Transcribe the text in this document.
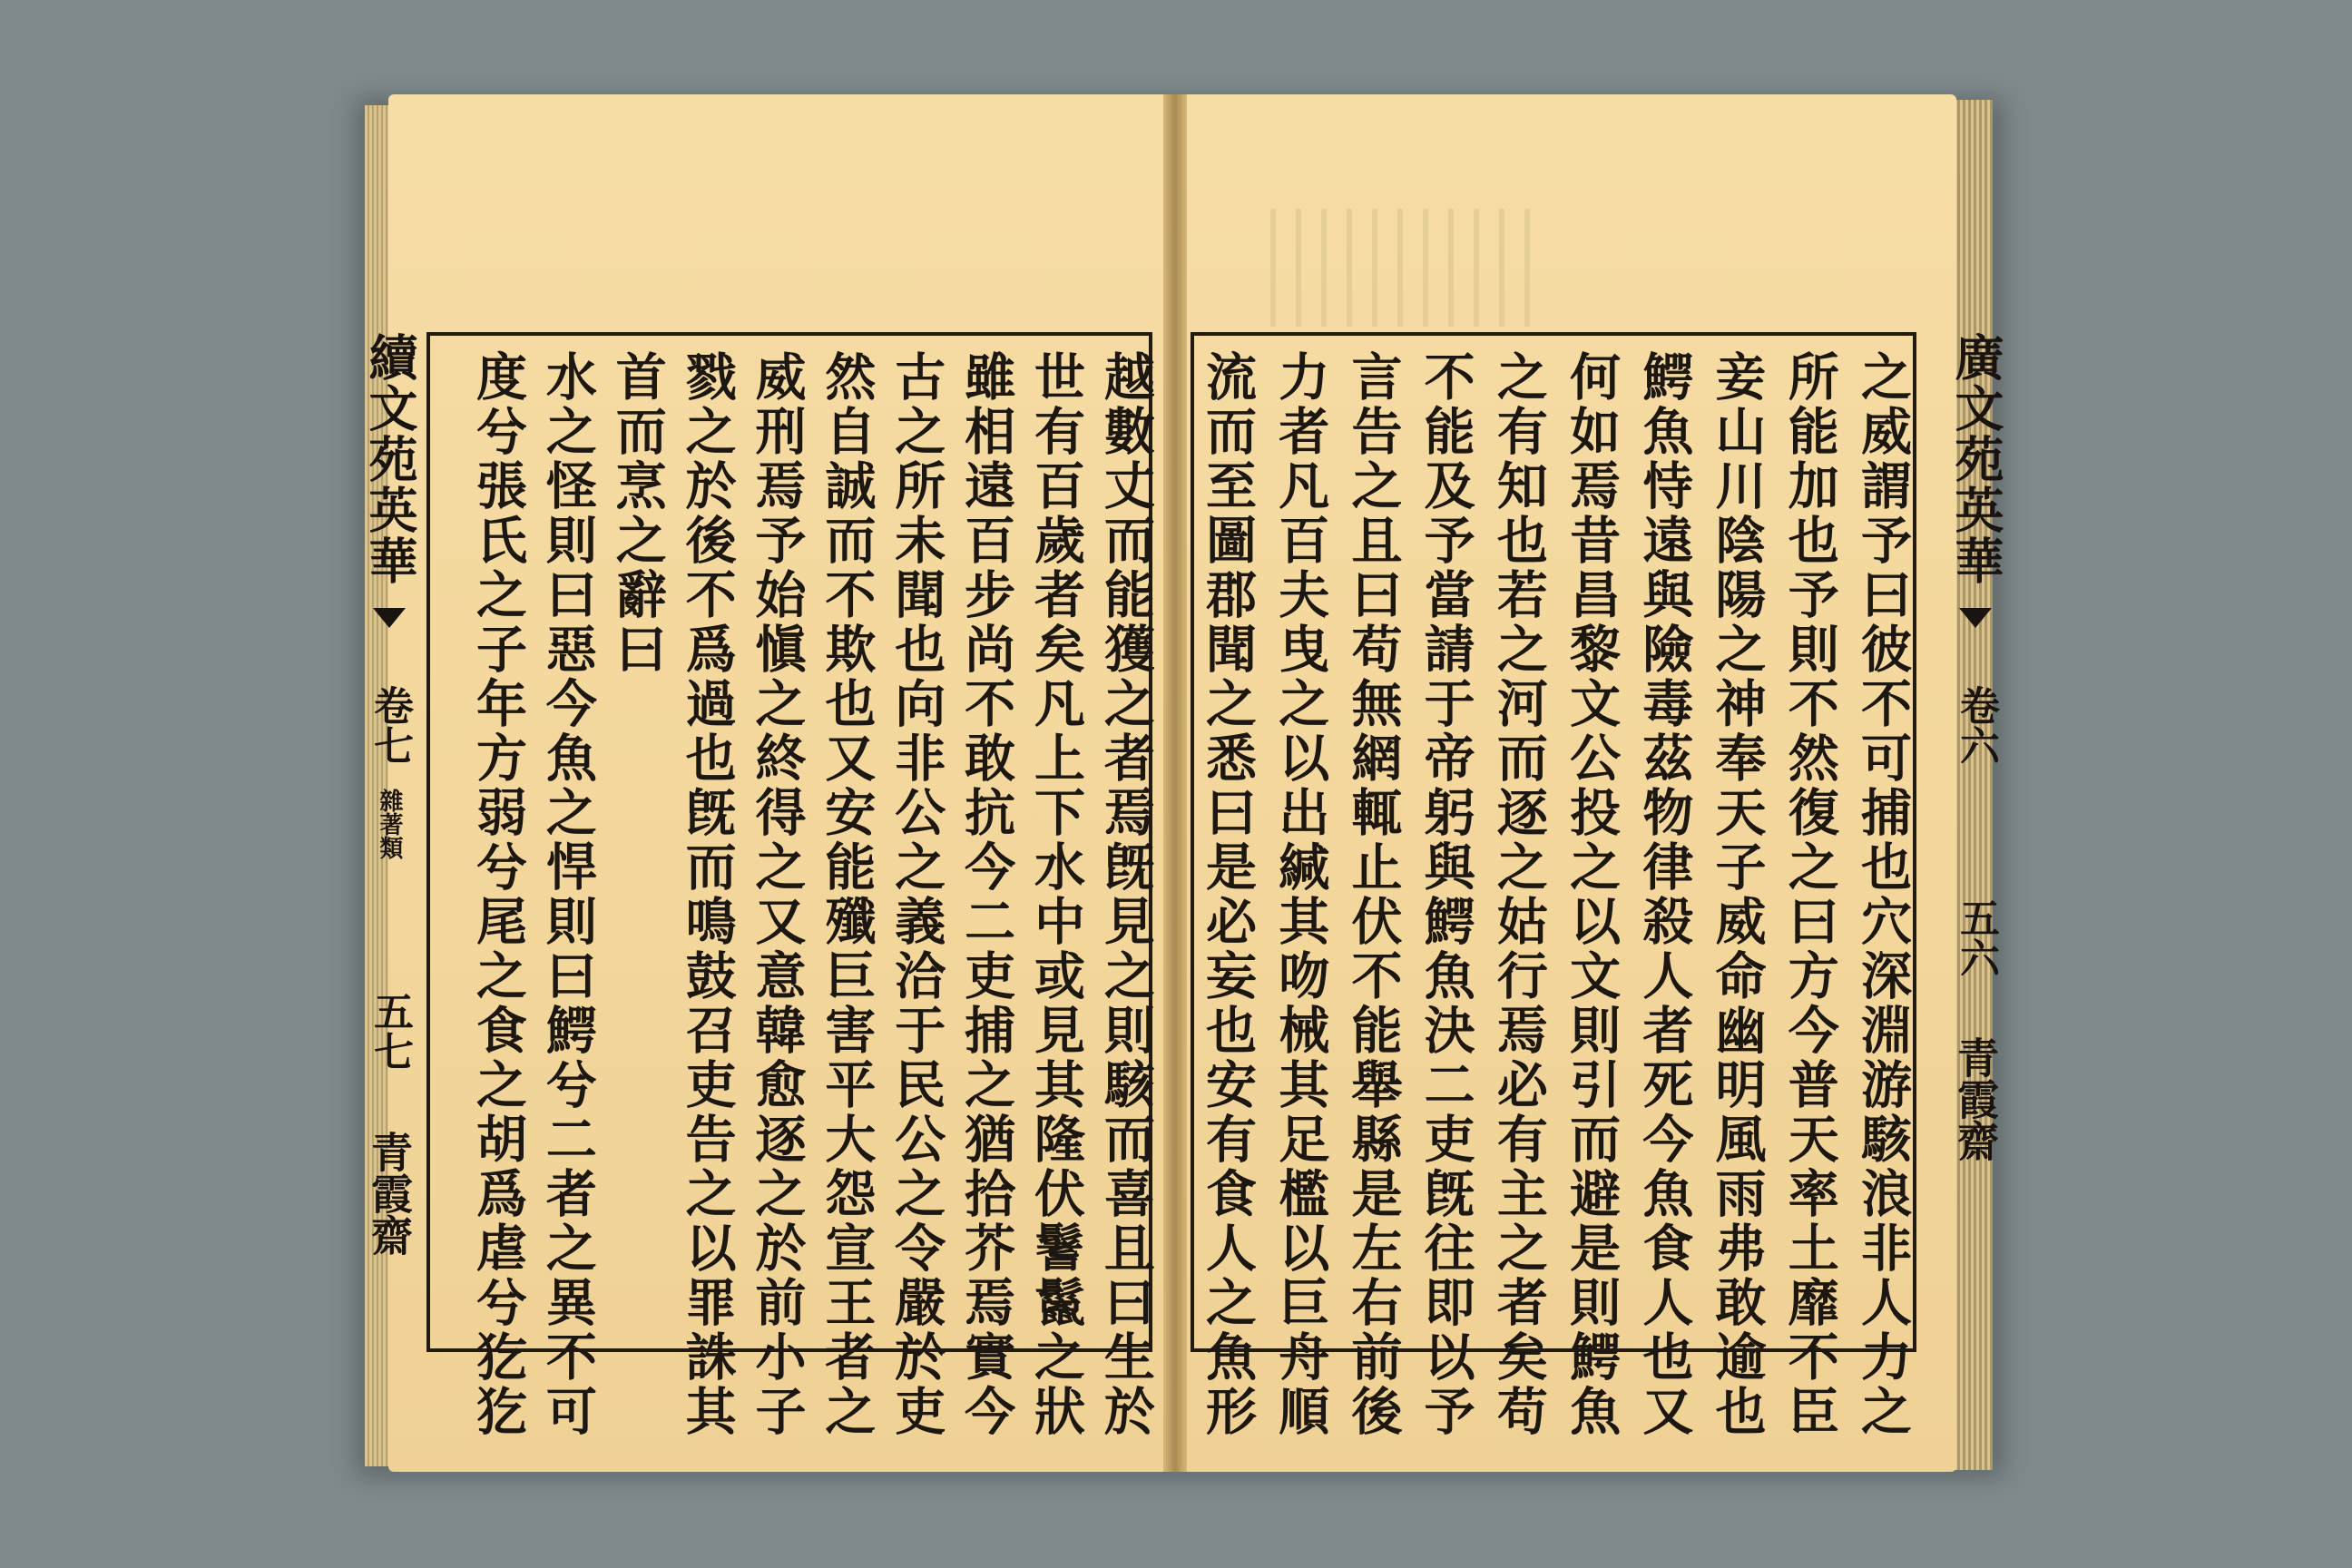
續文苑英華  卷七 雜著類 五七 青霞齋
廣文苑英華  卷六 五六 青霞齋
越數丈而能獲之者焉旣見之則駭而喜且曰生於
世有百歲者矣凡上下水中或見其隆伏鬐鬣之狀
雖相遠百步尚不敢抗今二吏捕之猶拾芥焉實今
古之所未聞也向非公之義洽于民公之令嚴於吏
然自誠而不欺也又安能殲巨害平大怨宣王者之
威刑焉予始愼之終得之又意韓愈逐之於前小子
戮之於後不爲過也旣而鳴鼓召吏告之以罪誅其
首而烹之辭曰
水之怪則曰惡今魚之悍則曰鰐兮二者之異不可
度兮張氏之子年方弱兮尾之食之胡爲虐兮犵犵	之威謂予曰彼不可捕也穴深淵游駭浪非人力之
所能加也予則不然復之曰方今普天率土靡不臣
妾山川陰陽之神奉天子威命幽明風雨弗敢逾也
鰐魚恃遠與險毒茲物律殺人者死今魚食人也又
何如焉昔昌黎文公投之以文則引而避是則鰐魚
之有知也若之河而逐之姑行焉必有主之者矣苟
不能及予當請于帝躬與鰐魚決二吏旣往即以予
言告之且曰苟無網輒止伏不能舉縣是左右前後
力者凡百夫曳之以出緘其吻械其足檻以巨舟順
流而至圖郡聞之悉曰是必妄也安有食人之魚形
